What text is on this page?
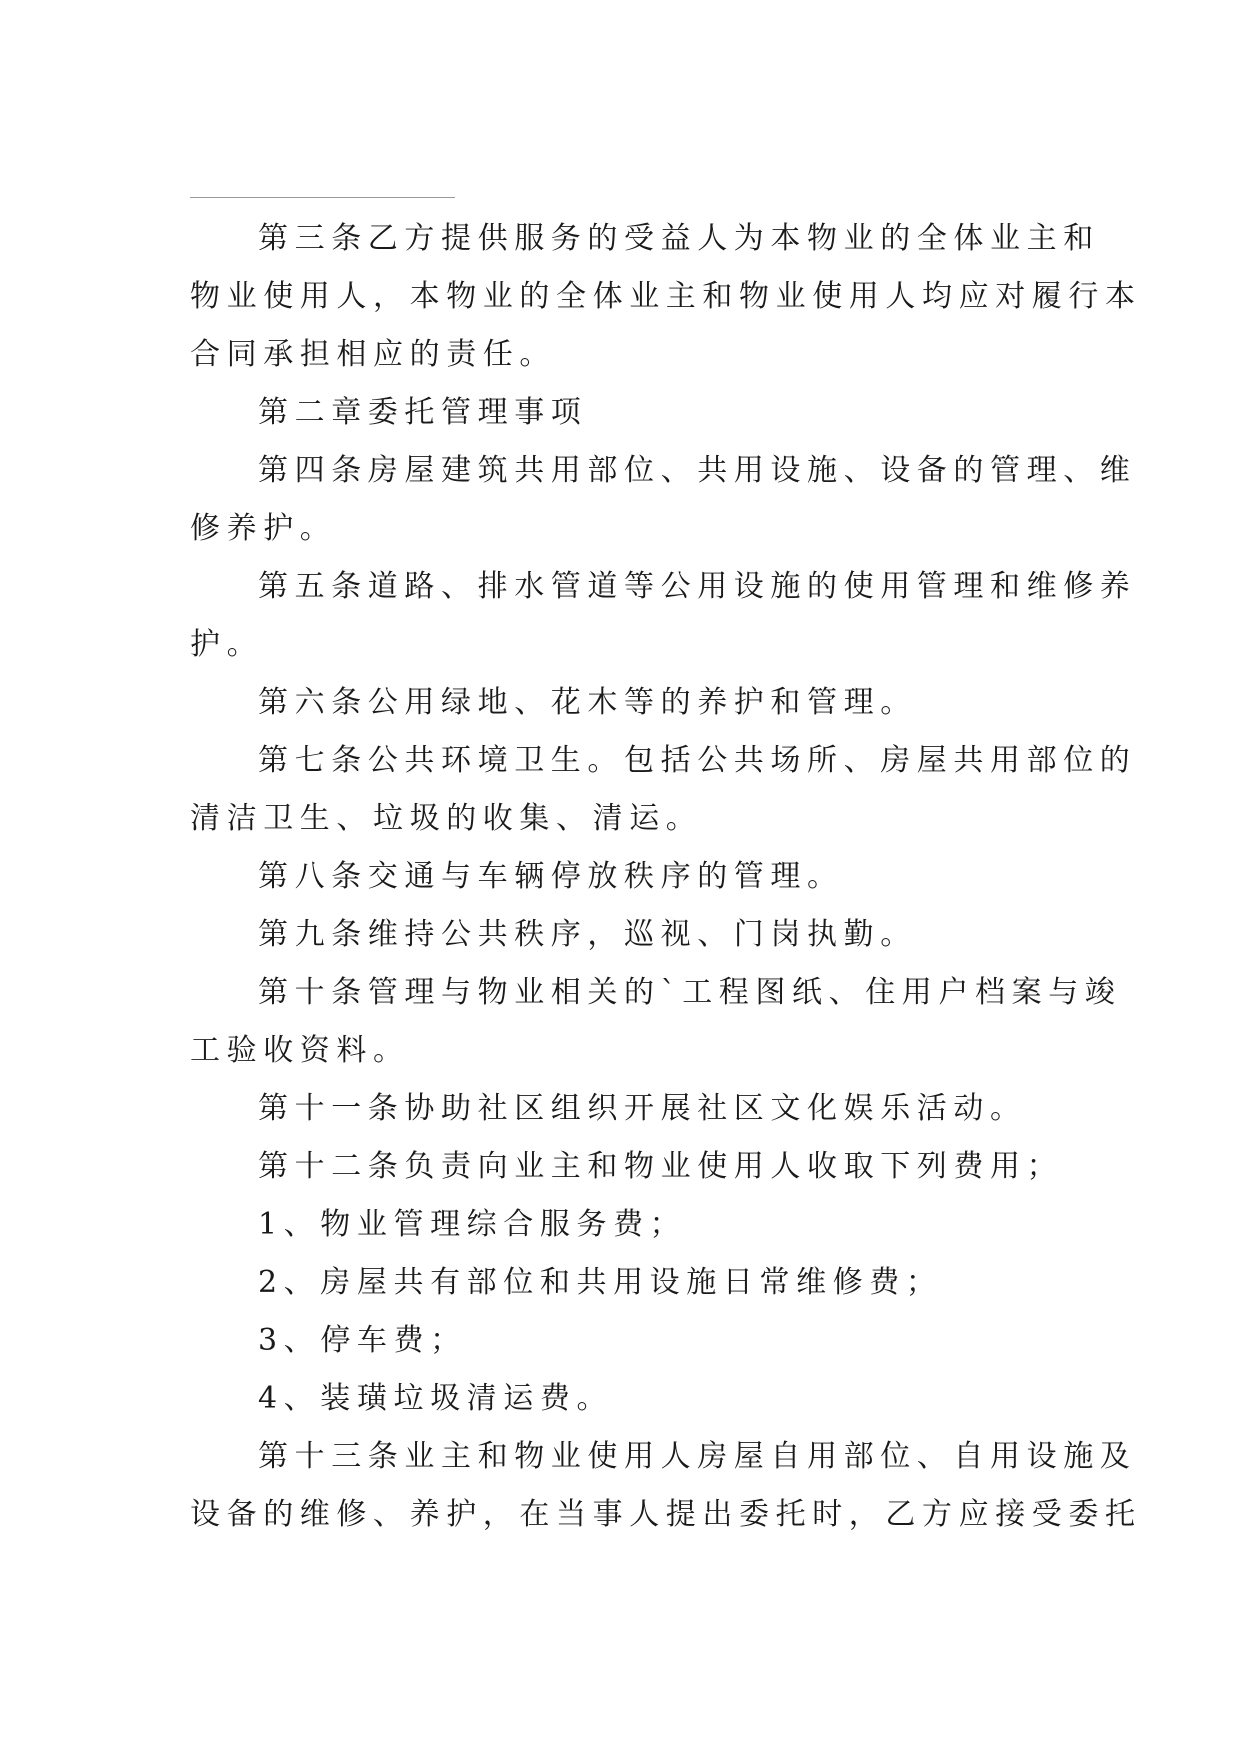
第三条乙方提供服务的受益人为本物业的全体业主和
物业使用人，本物业的全体业主和物业使用人均应对履行本
合同承担相应的责任。
第二章委托管理事项
第四条房屋建筑共用部位、共用设施、设备的管理、维
修养护。
第五条道路、排水管道等公用设施的使用管理和维修养
护。
第六条公用绿地、花木等的养护和管理。
第七条公共环境卫生。包括公共场所、房屋共用部位的
清洁卫生、垃圾的收集、清运。
第八条交通与车辆停放秩序的管理。
第九条维持公共秩序，巡视、门岗执勤。
第十条管理与物业相关的`工程图纸、住用户档案与竣
工验收资料。
第十一条协助社区组织开展社区文化娱乐活动。
第十二条负责向业主和物业使用人收取下列费用；
1、物业管理综合服务费；
2、房屋共有部位和共用设施日常维修费；
3、停车费；
4、装璜垃圾清运费。
第十三条业主和物业使用人房屋自用部位、自用设施及
设备的维修、养护，在当事人提出委托时，乙方应接受委托
